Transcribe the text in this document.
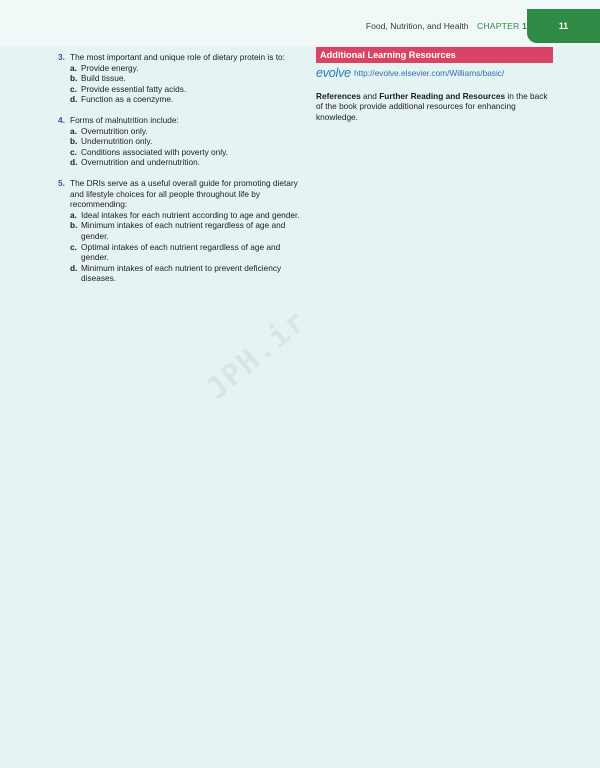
Food, Nutrition, and Health CHAPTER 1	11
3. The most important and unique role of dietary protein is to:
a. Provide energy.
b. Build tissue.
c. Provide essential fatty acids.
d. Function as a coenzyme.
4. Forms of malnutrition include:
a. Overnutrition only.
b. Undernutrition only.
c. Conditions associated with poverty only.
d. Overnutrition and undernutrition.
5. The DRIs serve as a useful overall guide for promoting dietary and lifestyle choices for all people throughout life by recommending:
a. Ideal intakes for each nutrient according to age and gender.
b. Minimum intakes of each nutrient regardless of age and gender.
c. Optimal intakes of each nutrient regardless of age and gender.
d. Minimum intakes of each nutrient to prevent deficiency diseases.
Additional Learning Resources
evolve http://evolve.elsevier.com/Williams/basic/
References and Further Reading and Resources in the back of the book provide additional resources for enhancing knowledge.
JPH.ir
